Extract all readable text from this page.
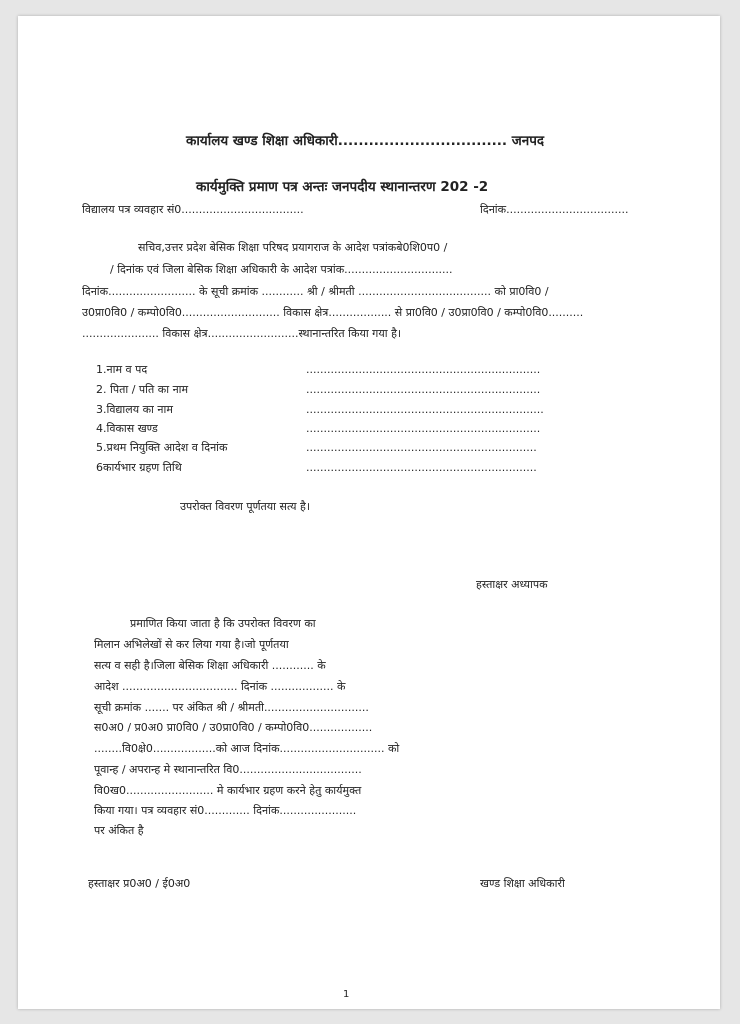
कार्यालय खण्ड शिक्षा अधिकारी................................. जनपद
कार्यमुक्ति प्रमाण पत्र अन्तः जनपदीय स्थानान्तरण 202 -2
विद्यालय पत्र व्यवहार सं0...................................	दिनांक...................................
सचिव,उत्तर प्रदेश बेसिक शिक्षा परिषद प्रयागराज के आदेश पत्रांकबे0शि0प0 /
/ दिनांक एवं जिला बेसिक शिक्षा अधिकारी के आदेश पत्रांक...............................
दिनांक......................... के सूची क्रमांक ............ श्री / श्रीमती ...................................... को प्रा0वि0 /
उ0प्रा0वि0 / कम्पो0वि0............................ विकास क्षेत्र.................. से प्रा0वि0 / उ0प्रा0वि0 / कम्पो0वि0..........
...................... विकास क्षेत्र..........................स्थानान्तरित किया गया है।
1.नाम व पद	...................................................................
2. पिता / पति का नाम	...................................................................
3.विद्यालय का नाम	....................................................................
4.विकास खण्ड	...................................................................
5.प्रथम नियुक्ति आदेश व दिनांक	..................................................................
6कार्यभार ग्रहण तिथि	..................................................................
उपरोक्त विवरण पूर्णतया सत्य है।
हस्ताक्षर अध्यापक
प्रमाणित किया जाता है कि उपरोक्त विवरण का
मिलान अभिलेखों से कर लिया गया है।जो पूर्णतया
सत्य व सही है।जिला बेसिक शिक्षा अधिकारी ............ के
आदेश ................................. दिनांक .................. के
सूची क्रमांक ....... पर अंकित श्री / श्रीमती..............................
स0अ0 / प्र0अ0 प्रा0वि0 / उ0प्रा0वि0 / कम्पो0वि0..................
........वि0क्षे0..................को आज दिनांक.............................. को
पूवान्ह / अपरान्ह मे स्थानान्तरित वि0...................................
वि0ख0......................... मे कार्यभार ग्रहण करने हेतु कार्यमुक्त
किया गया। पत्र व्यवहार सं0............. दिनांक......................
पर अंकित है
हस्ताक्षर प्र0अ0 / ई0अ0	खण्ड शिक्षा अधिकारी
1
